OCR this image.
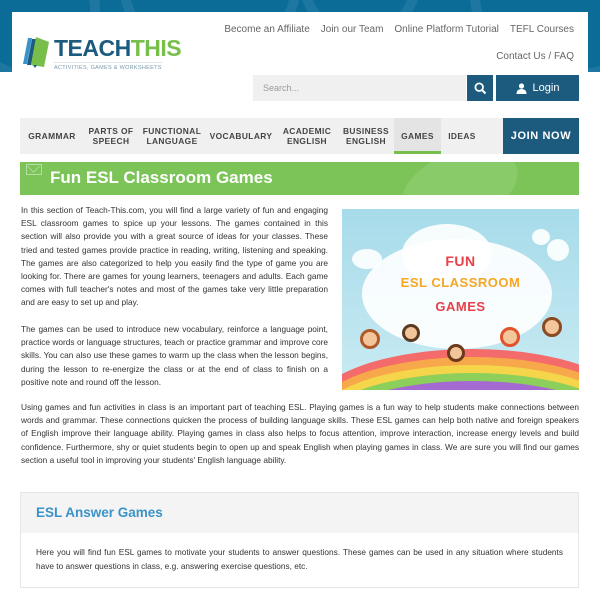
TEACHTHIS
ACTIVITIES, GAMES & WORKSHEETS
Become an Affiliate Join our Team Online Platform Tutorial TEFL Courses
Contact Us / FAQ
Search...	Login
GRAMMAR	PARTS OF SPEECH
FUNCTIONAL LANGUAGE	VOCABULARY	ACADEMIC ENGLISH
BUSINESS ENGLISH	GAMES	IDEAS	JOIN NOW
Fun ESL Classroom Games

In this section of Teach-This.com, you will find a large variety of fun and engaging ESL classroom games to spice up your lessons. The games contained in this section will also provide you with a great source of ideas for your classes. These tried and tested games provide practice in reading, writing, listening and speaking. The games are also categorized to help you easily find the type of game you are looking for. There are games for young learners, teenagers and adults. Each game comes with full teacher's notes and most of the games take very little preparation and are easy to set up and play.

The games can be used to introduce new vocabulary, reinforce a language point, practice words or language structures, teach or practice grammar and improve core skills. You can also use these games to warm up the class when the lesson begins, during the lesson to re-energize the class or at the end of class to finish on a positive note and round off the lesson.

Using games and fun activities in class is an important part of teaching ESL. Playing games is a fun way to help students make connections between words and grammar. These connections quicken the process of building language skills. These ESL games can help both native and foreign speakers of English improve their language ability. Playing games in class also helps to focus attention, improve interaction, increase energy levels and build confidence. Furthermore, shy or quiet students begin to open up and speak English when playing games in class. We are sure you will find our games section a useful tool in improving your students' English language ability.

FUN
ESL CLASSROOM
GAMES
ESL Answer Games
Here you will find fun ESL games to motivate your students to answer questions. These games can be used in any situation where students have to answer questions in class, e.g. answering exercise questions, etc.
